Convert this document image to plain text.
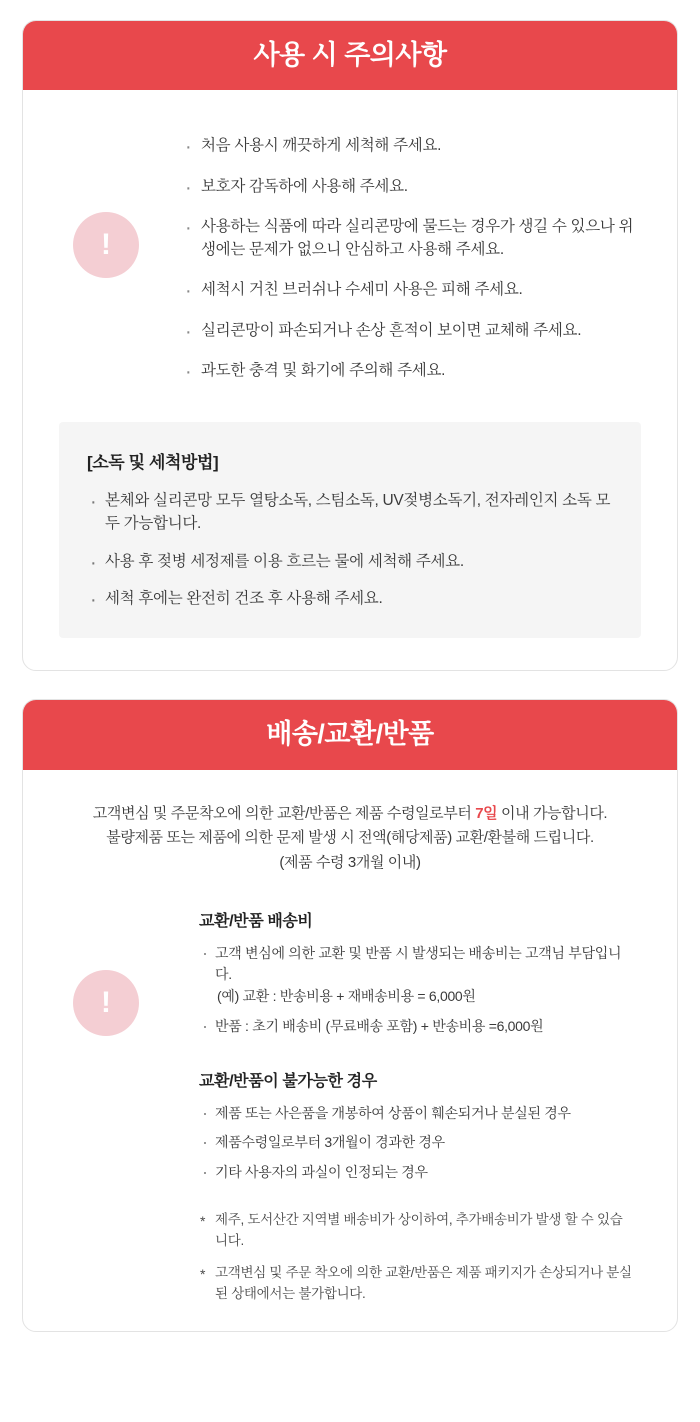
사용 시 주의사항
!
· 처음 사용시 깨끗하게 세척해 주세요.
· 보호자 감독하에 사용해 주세요.
· 사용하는 식품에 따라 실리콘망에 물드는 경우가 생길 수 있으나 위생에는 문제가 없으니 안심하고 사용해 주세요.
· 세척시 거친 브러쉬나 수세미 사용은 피해 주세요.
· 실리콘망이 파손되거나 손상 흔적이 보이면 교체해 주세요.
· 과도한 충격 및 화기에 주의해 주세요.
[소독 및 세척방법]
· 본체와 실리콘망 모두 열탕소독, 스팀소독, UV젖병소독기, 전자레인지 소독 모두 가능합니다.
· 사용 후 젖병 세정제를 이용 흐르는 물에 세척해 주세요.
· 세척 후에는 완전히 건조 후 사용해 주세요.
배송/교환/반품
!
고객변심 및 주문착오에 의한 교환/반품은 제품 수령일로부터 7일 이내 가능합니다.
불량제품 또는 제품에 의한 문제 발생 시 전액(해당제품) 교환/환불해 드립니다.
(제품 수령 3개월 이내)
교환/반품 배송비
· 고객 변심에 의한 교환 및 반품 시 발생되는 배송비는 고객님 부담입니다.
(예) 교환 : 반송비용 + 재배송비용 = 6,000원
· 반품 : 초기 배송비 (무료배송 포함) + 반송비용 =6,000원
교환/반품이 불가능한 경우
· 제품 또는 사은품을 개봉하여 상품이 훼손되거나 분실된 경우
· 제품수령일로부터 3개월이 경과한 경우
· 기타 사용자의 과실이 인정되는 경우
* 제주, 도서산간 지역별 배송비가 상이하여, 추가배송비가 발생 할 수 있습니다.
* 고객변심 및 주문 착오에 의한 교환/반품은 제품 패키지가 손상되거나 분실된 상태에서는 불가합니다.
